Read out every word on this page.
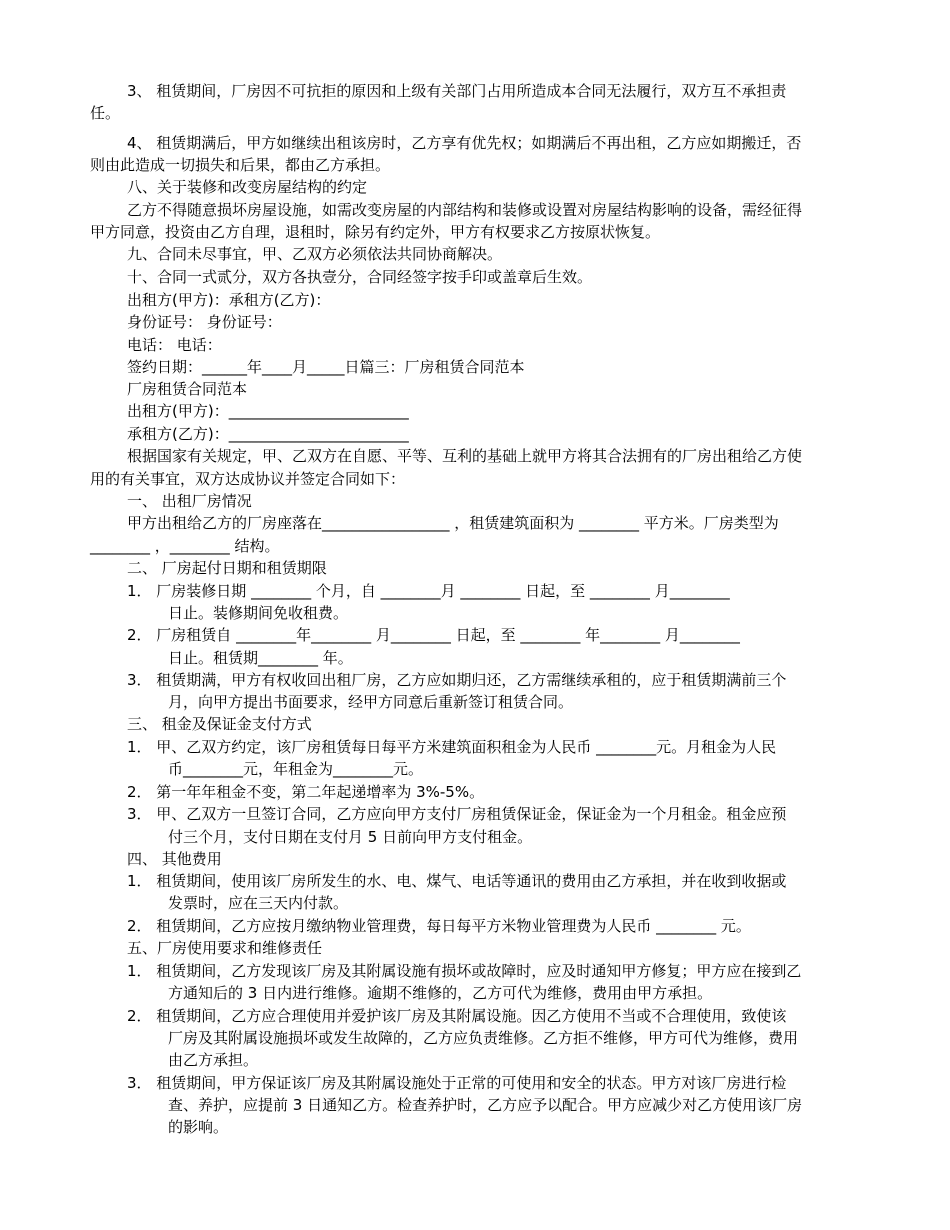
3、 租赁期间，厂房因不可抗拒的原因和上级有关部门占用所造成本合同无法履行，双方互不承担责
任。
4、 租赁期满后，甲方如继续出租该房时，乙方享有优先权；如期满后不再出租，乙方应如期搬迁，否
则由此造成一切损失和后果，都由乙方承担。
八、关于装修和改变房屋结构的约定
乙方不得随意损坏房屋设施，如需改变房屋的内部结构和装修或设置对房屋结构影响的设备，需经征得
甲方同意，投资由乙方自理，退租时，除另有约定外，甲方有权要求乙方按原状恢复。
九、合同未尽事宜，甲、乙双方必须依法共同协商解决。
十、合同一式贰分，双方各执壹分，合同经签字按手印或盖章后生效。
出租方(甲方)：承租方(乙方)：
身份证号： 身份证号：
电话： 电话：
签约日期：______年____月_____日篇三：厂房租赁合同范本
厂房租赁合同范本
出租方(甲方)：________________________
承租方(乙方)：________________________
根据国家有关规定，甲、乙双方在自愿、平等、互利的基础上就甲方将其合法拥有的厂房出租给乙方使
用的有关事宜，双方达成协议并签定合同如下：
一、 出租厂房情况
甲方出租给乙方的厂房座落在_________________ ，租赁建筑面积为 ________ 平方米。厂房类型为
________ ，________ 结构。
二、 厂房起付日期和租赁期限
1． 厂房装修日期 ________ 个月，自 ________月 ________ 日起，至 ________ 月________
日止。装修期间免收租费。
2． 厂房租赁自 ________年________ 月________ 日起，至 ________ 年________ 月________
日止。租赁期________ 年。
3． 租赁期满，甲方有权收回出租厂房，乙方应如期归还，乙方需继续承租的，应于租赁期满前三个
月，向甲方提出书面要求，经甲方同意后重新签订租赁合同。
三、 租金及保证金支付方式
1． 甲、乙双方约定，该厂房租赁每日每平方米建筑面积租金为人民币 ________元。月租金为人民
币________元，年租金为________元。
2． 第一年年租金不变，第二年起递增率为 3%-5%。
3． 甲、乙双方一旦签订合同，乙方应向甲方支付厂房租赁保证金，保证金为一个月租金。租金应预
付三个月，支付日期在支付月 5 日前向甲方支付租金。
四、 其他费用
1． 租赁期间，使用该厂房所发生的水、电、煤气、电话等通讯的费用由乙方承担，并在收到收据或
发票时，应在三天内付款。
2． 租赁期间，乙方应按月缴纳物业管理费，每日每平方米物业管理费为人民币 ________ 元。
五、厂房使用要求和维修责任
1． 租赁期间，乙方发现该厂房及其附属设施有损坏或故障时，应及时通知甲方修复；甲方应在接到乙
方通知后的 3 日内进行维修。逾期不维修的，乙方可代为维修，费用由甲方承担。
2． 租赁期间，乙方应合理使用并爱护该厂房及其附属设施。因乙方使用不当或不合理使用，致使该
厂房及其附属设施损坏或发生故障的，乙方应负责维修。乙方拒不维修，甲方可代为维修，费用
由乙方承担。
3． 租赁期间，甲方保证该厂房及其附属设施处于正常的可使用和安全的状态。甲方对该厂房进行检
查、养护，应提前 3 日通知乙方。检查养护时，乙方应予以配合。甲方应减少对乙方使用该厂房
的影响。
